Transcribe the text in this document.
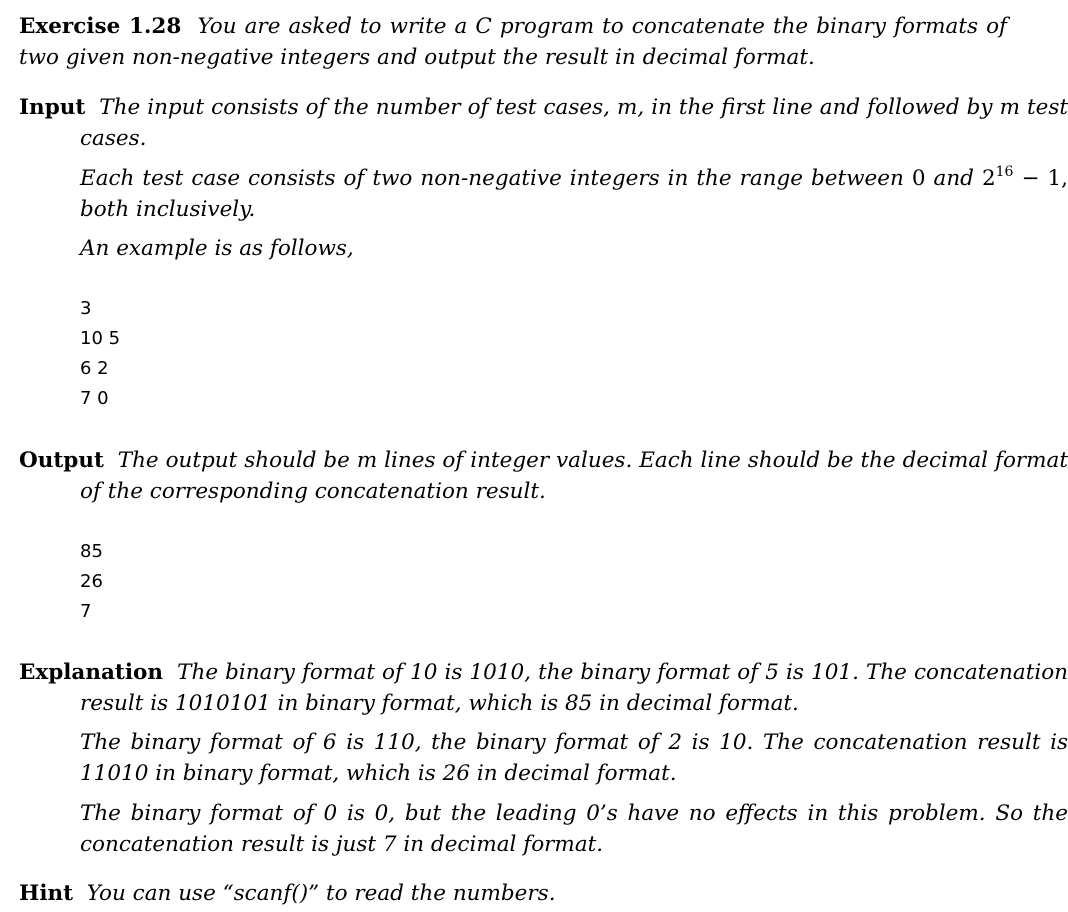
Exercise 1.28 You are asked to write a C program to concatenate the binary formats of two given non-negative integers and output the result in decimal format.
Input The input consists of the number of test cases, m, in the first line and followed by m test cases.
Each test case consists of two non-negative integers in the range between 0 and $2^{16} - 1$, both inclusively.
An example is as follows,
3
10 5
6 2
7 0
Output The output should be m lines of integer values. Each line should be the decimal format of the corresponding concatenation result.
85
26
7
Explanation The binary format of 10 is 1010, the binary format of 5 is 101. The concatenation result is 1010101 in binary format, which is 85 in decimal format.
The binary format of 6 is 110, the binary format of 2 is 10. The concatenation result is 11010 in binary format, which is 26 in decimal format.
The binary format of 0 is 0, but the leading 0’s have no effects in this problem. So the concatenation result is just 7 in decimal format.
Hint You can use “scanf()” to read the numbers.
